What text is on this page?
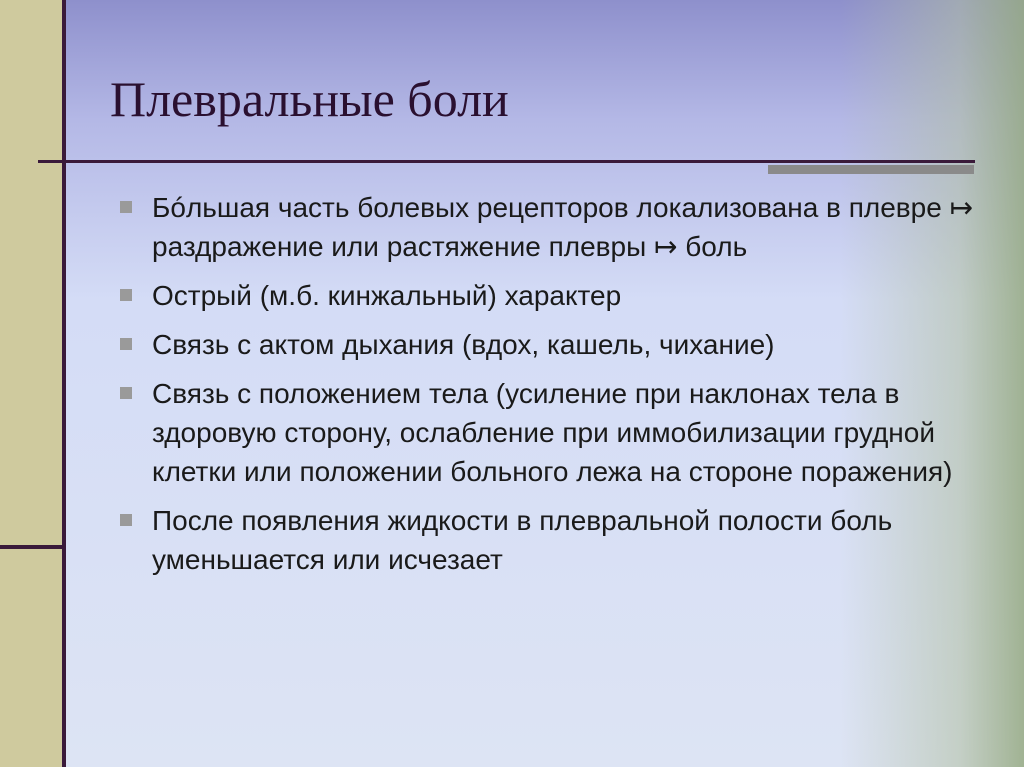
Плевральные боли
Бóльшая часть болевых рецепторов локализована в плевре ↦ раздражение или растяжение плевры ↦ боль
Острый (м.б. кинжальный) характер
Связь с актом дыхания (вдох, кашель, чихание)
Связь с положением тела (усиление при наклонах тела в здоровую сторону, ослабление при иммобилизации грудной клетки или положении больного лежа на стороне поражения)
После появления жидкости в плевральной полости боль уменьшается или исчезает
